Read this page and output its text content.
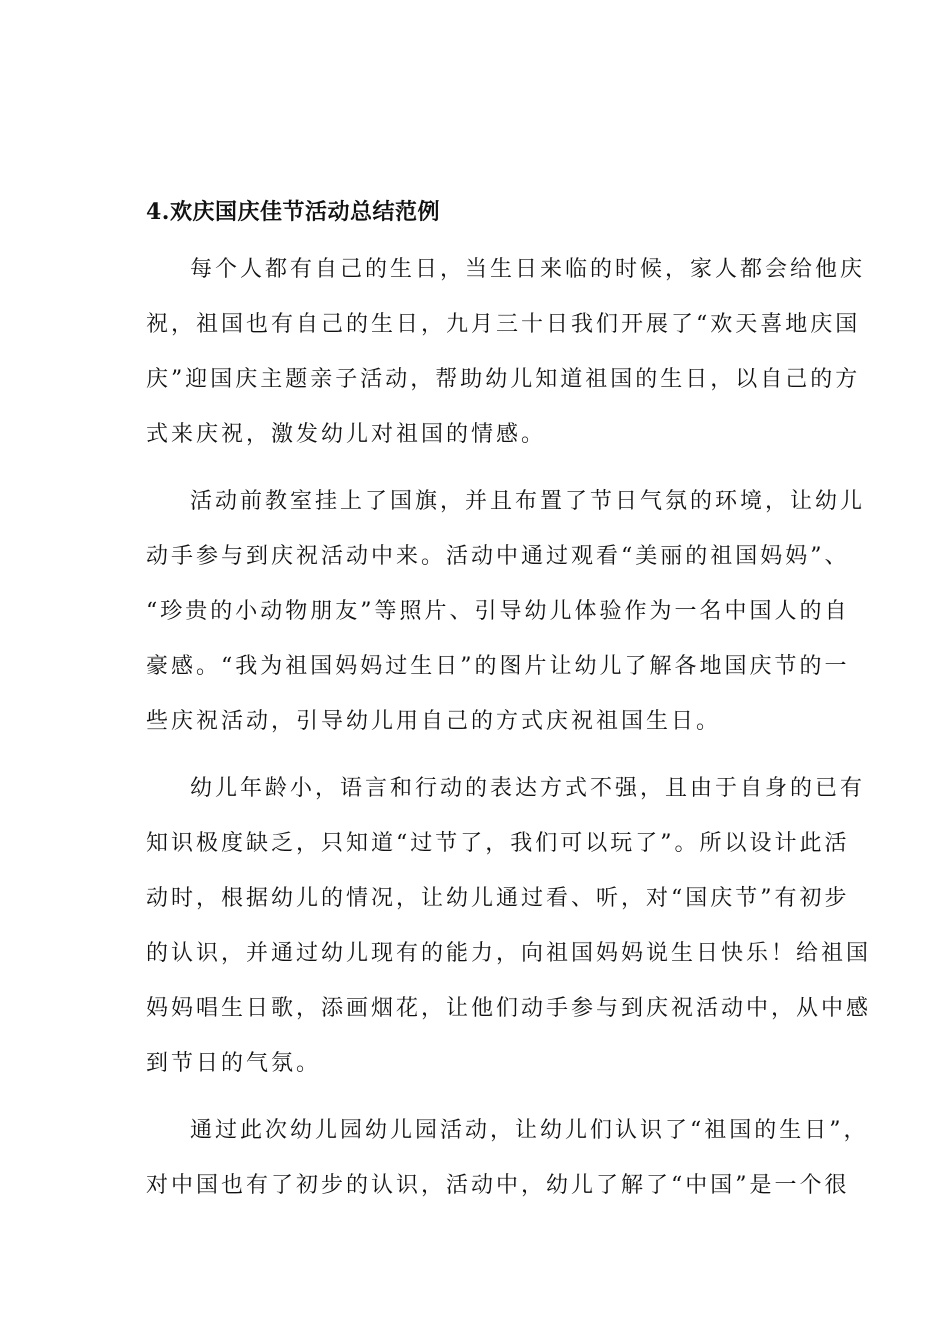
4.欢庆国庆佳节活动总结范例
每个人都有自己的生日，当生日来临的时候，家人都会给他庆
祝，祖国也有自己的生日，九月三十日我们开展了“欢天喜地庆国
庆”迎国庆主题亲子活动，帮助幼儿知道祖国的生日，以自己的方
式来庆祝，激发幼儿对祖国的情感。
活动前教室挂上了国旗，并且布置了节日气氛的环境，让幼儿
动手参与到庆祝活动中来。活动中通过观看“美丽的祖国妈妈”、
“珍贵的小动物朋友”等照片、引导幼儿体验作为一名中国人的自
豪感。“我为祖国妈妈过生日”的图片让幼儿了解各地国庆节的一
些庆祝活动，引导幼儿用自己的方式庆祝祖国生日。
幼儿年龄小，语言和行动的表达方式不强，且由于自身的已有
知识极度缺乏，只知道“过节了，我们可以玩了”。所以设计此活
动时，根据幼儿的情况，让幼儿通过看、听，对“国庆节”有初步
的认识，并通过幼儿现有的能力，向祖国妈妈说生日快乐！给祖国
妈妈唱生日歌，添画烟花，让他们动手参与到庆祝活动中，从中感
到节日的气氛。
通过此次幼儿园幼儿园活动，让幼儿们认识了“祖国的生日”，
对中国也有了初步的认识，活动中，幼儿了解了“中国”是一个很
